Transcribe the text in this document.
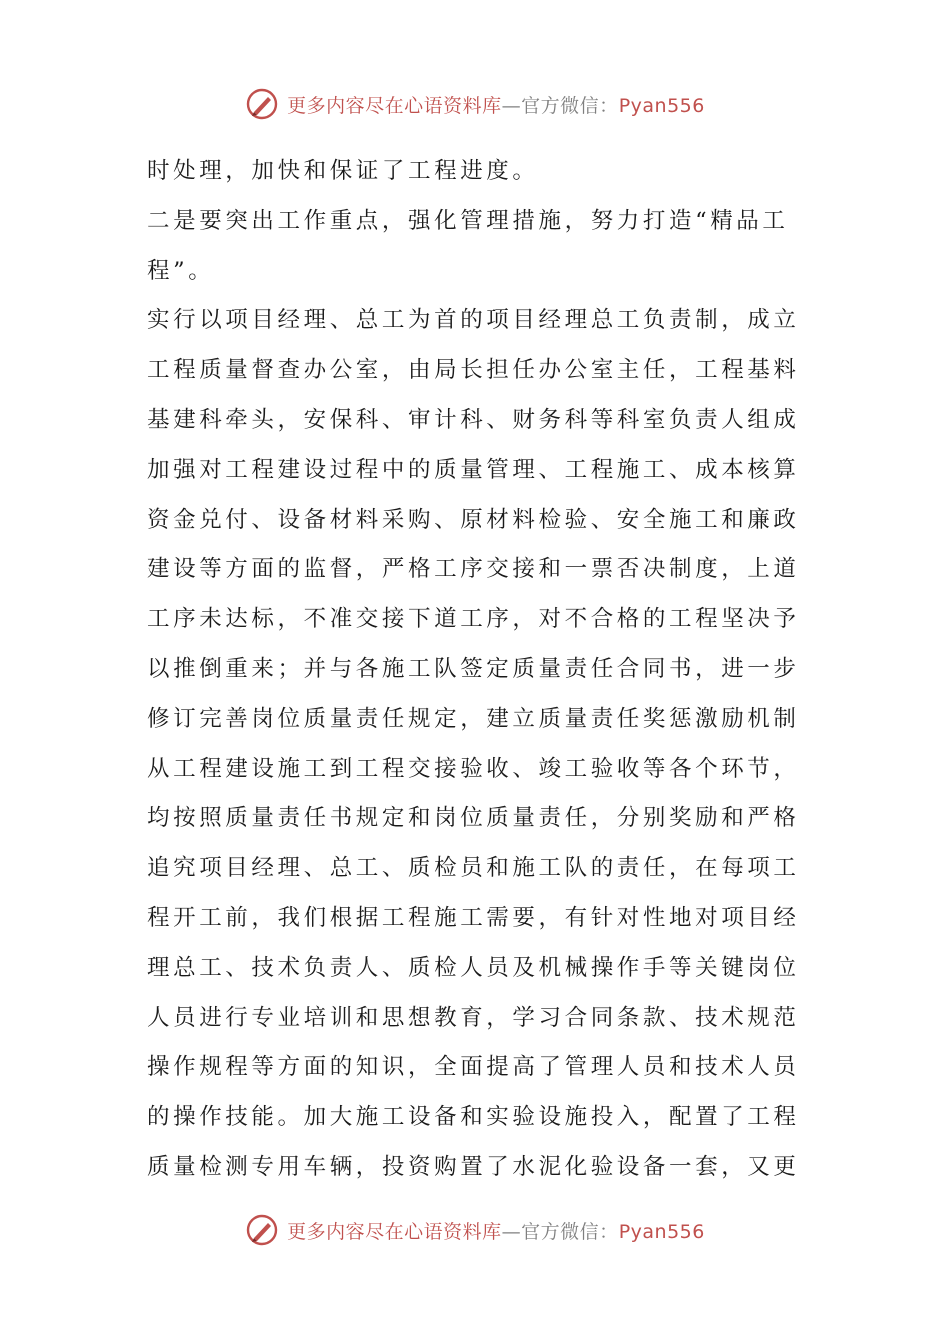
更多内容尽在心语资料库—官方微信：Pyan556
时处理，加快和保证了工程进度。
二是要突出工作重点，强化管理措施，努力打造“精品工
程”。
实行以项目经理、总工为首的项目经理总工负责制，成立
工程质量督查办公室，由局长担任办公室主任，工程基料
基建科牵头，安保科、审计科、财务科等科室负责人组成
加强对工程建设过程中的质量管理、工程施工、成本核算
资金兑付、设备材料采购、原材料检验、安全施工和廉政
建设等方面的监督，严格工序交接和一票否决制度，上道
工序未达标，不准交接下道工序，对不合格的工程坚决予
以推倒重来；并与各施工队签定质量责任合同书，进一步
修订完善岗位质量责任规定，建立质量责任奖惩激励机制
从工程建设施工到工程交接验收、竣工验收等各个环节，
均按照质量责任书规定和岗位质量责任，分别奖励和严格
追究项目经理、总工、质检员和施工队的责任，在每项工
程开工前，我们根据工程施工需要，有针对性地对项目经
理总工、技术负责人、质检人员及机械操作手等关键岗位
人员进行专业培训和思想教育，学习合同条款、技术规范
操作规程等方面的知识，全面提高了管理人员和技术人员
的操作技能。加大施工设备和实验设施投入，配置了工程
质量检测专用车辆，投资购置了水泥化验设备一套，又更
更多内容尽在心语资料库—官方微信：Pyan556
